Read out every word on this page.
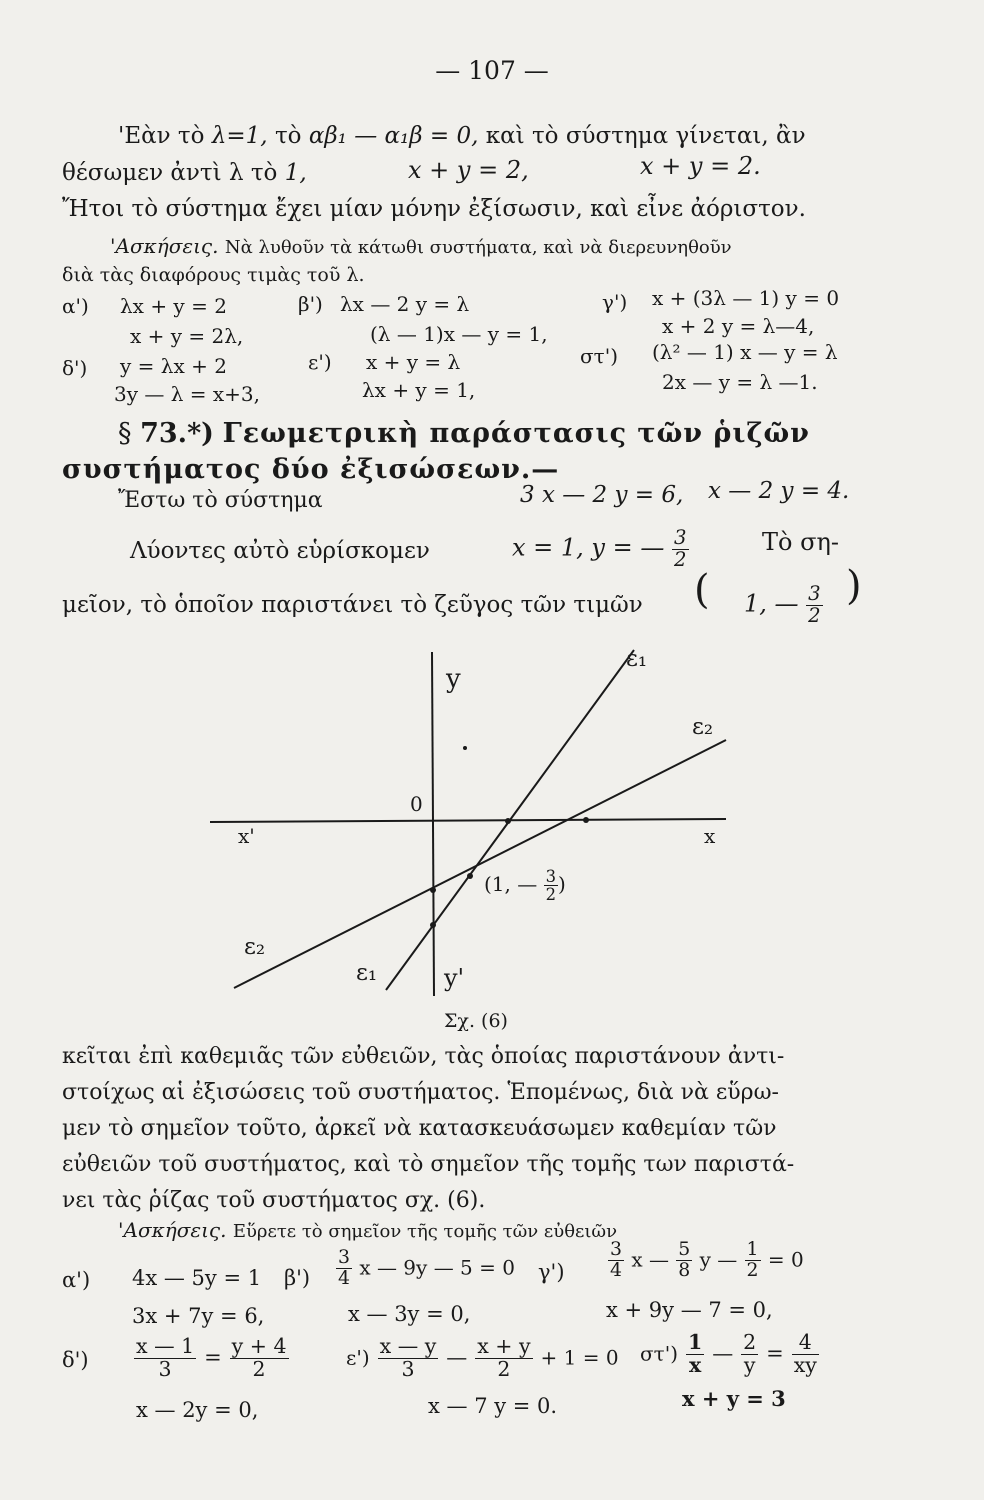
— 107 —
'Εὰν τὸ λ=1, τὸ αβ₁ — α₁β = 0, καὶ τὸ σύστημα γίνεται, ἂν
θέσωμεν ἀντὶ λ τὸ 1,	x + y = 2,	x + y = 2.
Ἤτοι τὸ σύστημα ἔχει μίαν μόνην ἐξίσωσιν, καὶ εἶνε ἀόριστον.
'Ασκήσεις. Νὰ λυθοῦν τὰ κάτωθι συστήματα, καὶ νὰ διερευνηθοῦν
διὰ τὰς διαφόρους τιμὰς τοῦ λ.
α') λx + y = 2
x + y = 2λ,
β') λx — 2 y = λ
(λ — 1)x — y = 1,
γ') x + (3λ — 1) y = 0
x + 2 y = λ—4,
δ') y = λx + 2
3y — λ = x+3,
ε') x + y = λ
λx + y = 1,
στ') (λ² — 1) x — y = λ
2x — y = λ —1.
§ 73.*) Γεωμετρικὴ παράστασις τῶν ῥιζῶν
συστήματος δύο ἐξισώσεων.—
Ἔστω τὸ σύστημα	3 x — 2 y = 6, x — 2 y = 4.
Λύοντες αὐτὸ εὑρίσκομεν	x = 1, y = — $\frac{3}{2}$	Τὸ ση-
μεῖον, τὸ ὁποῖον παριστάνει τὸ ζεῦγος τῶν τιμῶν ( 1, — $\frac{3}{2}$ )
y
y'
x
x'
0
ε₁
ε₂
ε₂
ε₁
(1, — $\frac{3}{2}$ )
Σχ. (6)
κεῖται ἐπὶ καθεμιᾶς τῶν εὐθειῶν, τὰς ὁποίας παριστάνουν ἀντι-
στοίχως αἱ ἐξισώσεις τοῦ συστήματος. Ἑπομένως, διὰ νὰ εὕρω-
μεν τὸ σημεῖον τοῦτο, ἀρκεῖ νὰ κατασκευάσωμεν καθεμίαν τῶν
εὐθειῶν τοῦ συστήματος, καὶ τὸ σημεῖον τῆς τομῆς των παριστά-
νει τὰς ῥίζας τοῦ συστήματος σχ. (6).
'Ασκήσεις. Εὕρετε τὸ σημεῖον τῆς τομῆς τῶν εὐθειῶν
α') 4x — 5y = 1 $\beta') \frac{3}{4}$ x — 9y — 5 = 0 $\gamma') \frac{3}{4}$ x — $\frac{5}{8}$ y — $\frac{1}{2} = 0$
3x + 7y = 6,	x — 3y = 0,	x + 9y — 7 = 0,
$\delta') \frac{x — 1}{3} = \frac{y + 4}{2}$	$\varepsilon') \frac{x — y}{3}$ — $\frac{x + y}{2} + 1 = 0$ $\sigma\tau') \frac{1}{x}$ — $\frac{2}{y} = \frac{4}{xy}$
x — 2y = 0,	x — 7 y = 0.	x + y = 3
